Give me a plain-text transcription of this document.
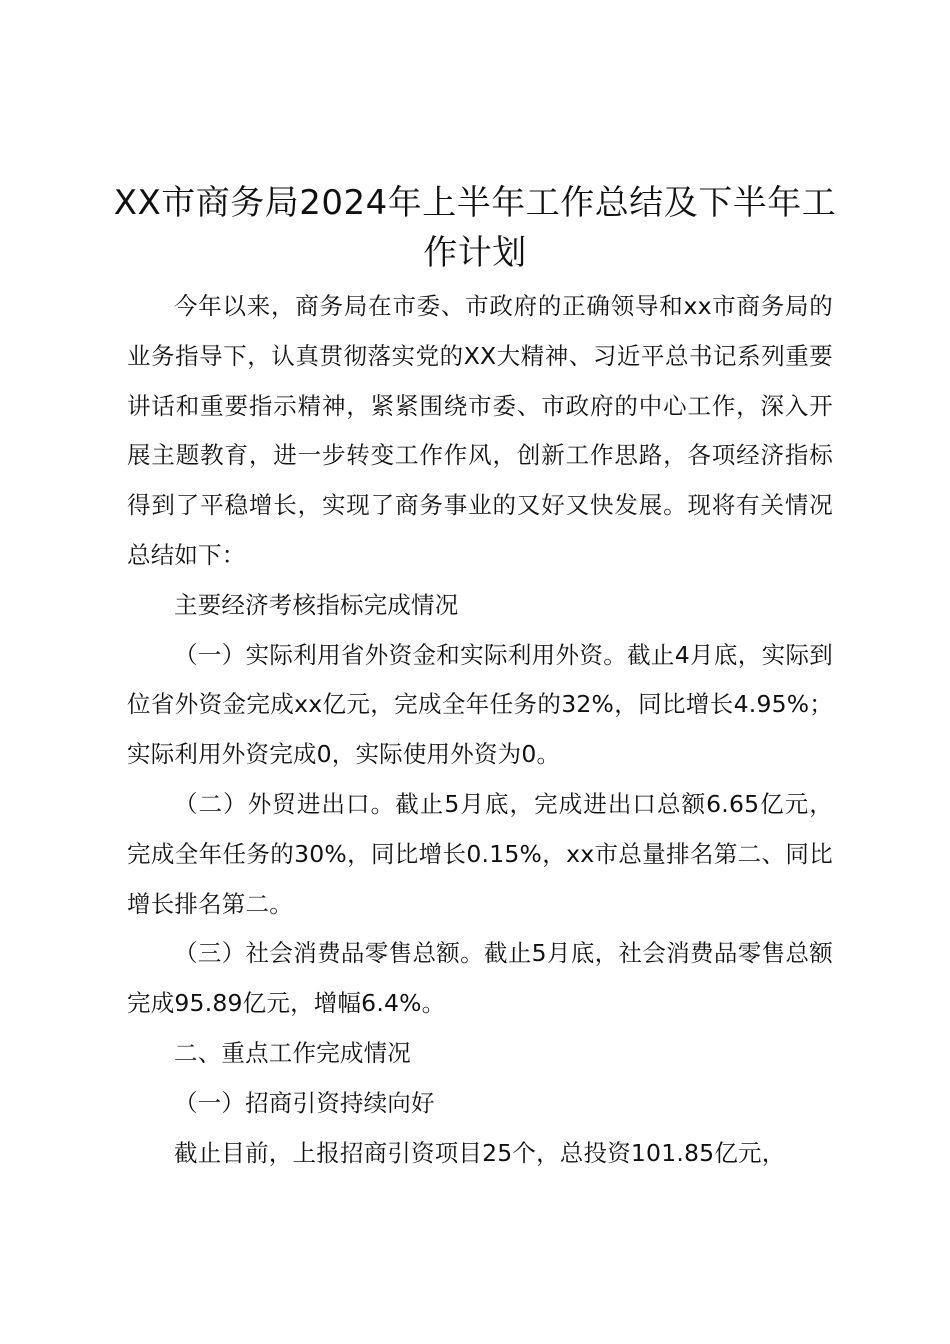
XX市商务局2024年上半年工作总结及下半年工作计划

今年以来，商务局在市委、市政府的正确领导和xx市商务局的业务指导下，认真贯彻落实党的XX大精神、习近平总书记系列重要讲话和重要指示精神，紧紧围绕市委、市政府的中心工作，深入开展主题教育，进一步转变工作作风，创新工作思路，各项经济指标得到了平稳增长，实现了商务事业的又好又快发展。现将有关情况总结如下：

主要经济考核指标完成情况

（一）实际利用省外资金和实际利用外资。截止4月底，实际到位省外资金完成xx亿元，完成全年任务的32%，同比增长4.95%；实际利用外资完成0，实际使用外资为0。

（二）外贸进出口。截止5月底，完成进出口总额6.65亿元，完成全年任务的30%，同比增长0.15%，xx市总量排名第二、同比增长排名第二。

（三）社会消费品零售总额。截止5月底，社会消费品零售总额完成95.89亿元，增幅6.4%。

二、重点工作完成情况

（一）招商引资持续向好

截止目前，上报招商引资项目25个，总投资101.85亿元，
